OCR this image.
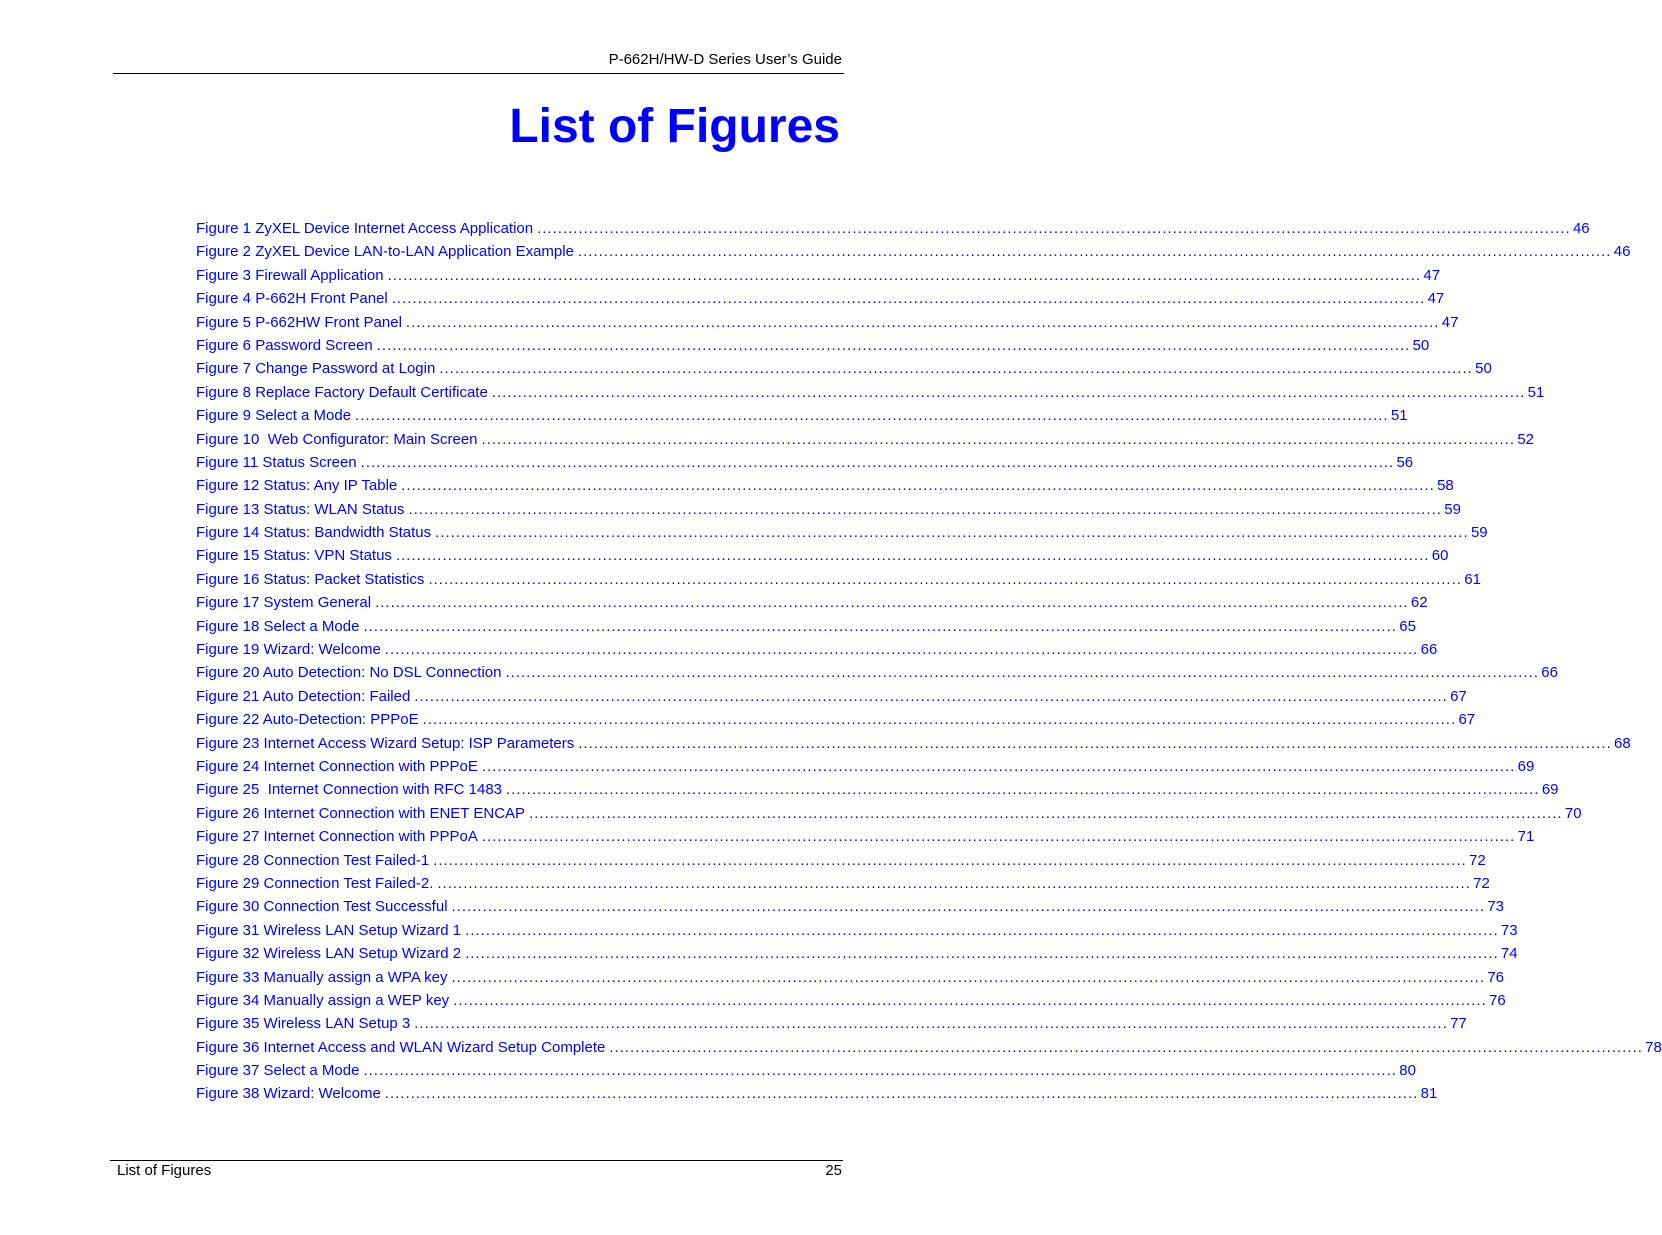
P-662H/HW-D Series User’s Guide
List of Figures
Figure 1 ZyXEL Device Internet Access Application ........................................................................................................................................................................................................ 46
Figure 2 ZyXEL Device LAN-to-LAN Application Example ........................................................................................................................................................................................................ 46
Figure 3 Firewall Application ........................................................................................................................................................................................................ 47
Figure 4 P-662H Front Panel ........................................................................................................................................................................................................ 47
Figure 5 P-662HW Front Panel ........................................................................................................................................................................................................ 47
Figure 6 Password Screen ........................................................................................................................................................................................................ 50
Figure 7 Change Password at Login ........................................................................................................................................................................................................ 50
Figure 8 Replace Factory Default Certificate ........................................................................................................................................................................................................ 51
Figure 9 Select a Mode ........................................................................................................................................................................................................ 51
Figure 10  Web Configurator: Main Screen ........................................................................................................................................................................................................ 52
Figure 11 Status Screen ........................................................................................................................................................................................................ 56
Figure 12 Status: Any IP Table ........................................................................................................................................................................................................ 58
Figure 13 Status: WLAN Status ........................................................................................................................................................................................................ 59
Figure 14 Status: Bandwidth Status ........................................................................................................................................................................................................ 59
Figure 15 Status: VPN Status ........................................................................................................................................................................................................ 60
Figure 16 Status: Packet Statistics ........................................................................................................................................................................................................ 61
Figure 17 System General ........................................................................................................................................................................................................ 62
Figure 18 Select a Mode ........................................................................................................................................................................................................ 65
Figure 19 Wizard: Welcome ........................................................................................................................................................................................................ 66
Figure 20 Auto Detection: No DSL Connection ........................................................................................................................................................................................................ 66
Figure 21 Auto Detection: Failed ........................................................................................................................................................................................................ 67
Figure 22 Auto-Detection: PPPoE ........................................................................................................................................................................................................ 67
Figure 23 Internet Access Wizard Setup: ISP Parameters ........................................................................................................................................................................................................ 68
Figure 24 Internet Connection with PPPoE ........................................................................................................................................................................................................ 69
Figure 25  Internet Connection with RFC 1483 ........................................................................................................................................................................................................ 69
Figure 26 Internet Connection with ENET ENCAP ........................................................................................................................................................................................................ 70
Figure 27 Internet Connection with PPPoA ........................................................................................................................................................................................................ 71
Figure 28 Connection Test Failed-1 ........................................................................................................................................................................................................ 72
Figure 29 Connection Test Failed-2. ........................................................................................................................................................................................................ 72
Figure 30 Connection Test Successful ........................................................................................................................................................................................................ 73
Figure 31 Wireless LAN Setup Wizard 1 ........................................................................................................................................................................................................ 73
Figure 32 Wireless LAN Setup Wizard 2 ........................................................................................................................................................................................................ 74
Figure 33 Manually assign a WPA key ........................................................................................................................................................................................................ 76
Figure 34 Manually assign a WEP key ........................................................................................................................................................................................................ 76
Figure 35 Wireless LAN Setup 3 ........................................................................................................................................................................................................ 77
Figure 36 Internet Access and WLAN Wizard Setup Complete ........................................................................................................................................................................................................ 78
Figure 37 Select a Mode ........................................................................................................................................................................................................ 80
Figure 38 Wizard: Welcome ........................................................................................................................................................................................................ 81
List of Figures	25
